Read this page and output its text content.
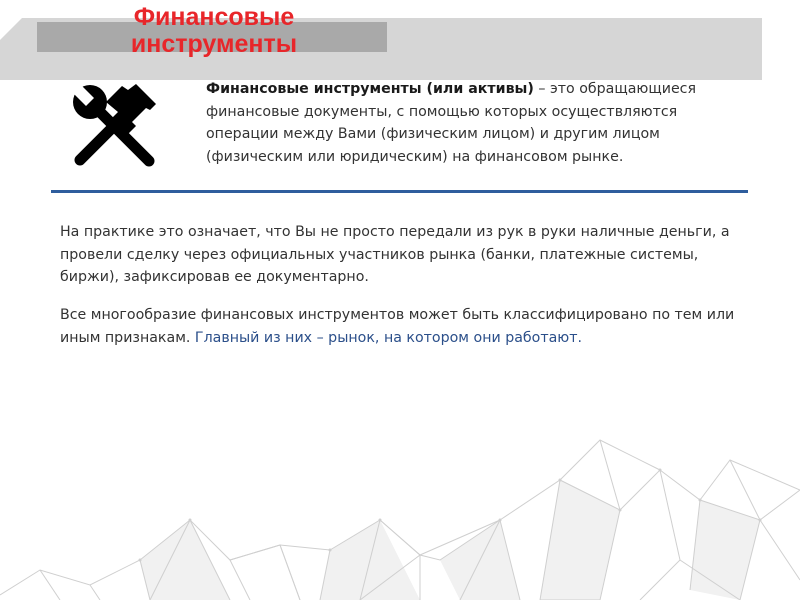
Финансовые
инструменты

Финансовые инструменты (или активы) – это обращающиеся финансовые документы, с помощью которых осуществляются операции между Вами (физическим лицом) и другим лицом (физическим или юридическим) на финансовом рынке.

На практике это означает, что Вы не просто передали из рук в руки наличные деньги, а провели сделку через официальных участников рынка (банки, платежные системы, биржи), зафиксировав ее документарно.

Все многообразие финансовых инструментов может быть классифицировано по тем или иным признакам. Главный из них – рынок, на котором они работают.
